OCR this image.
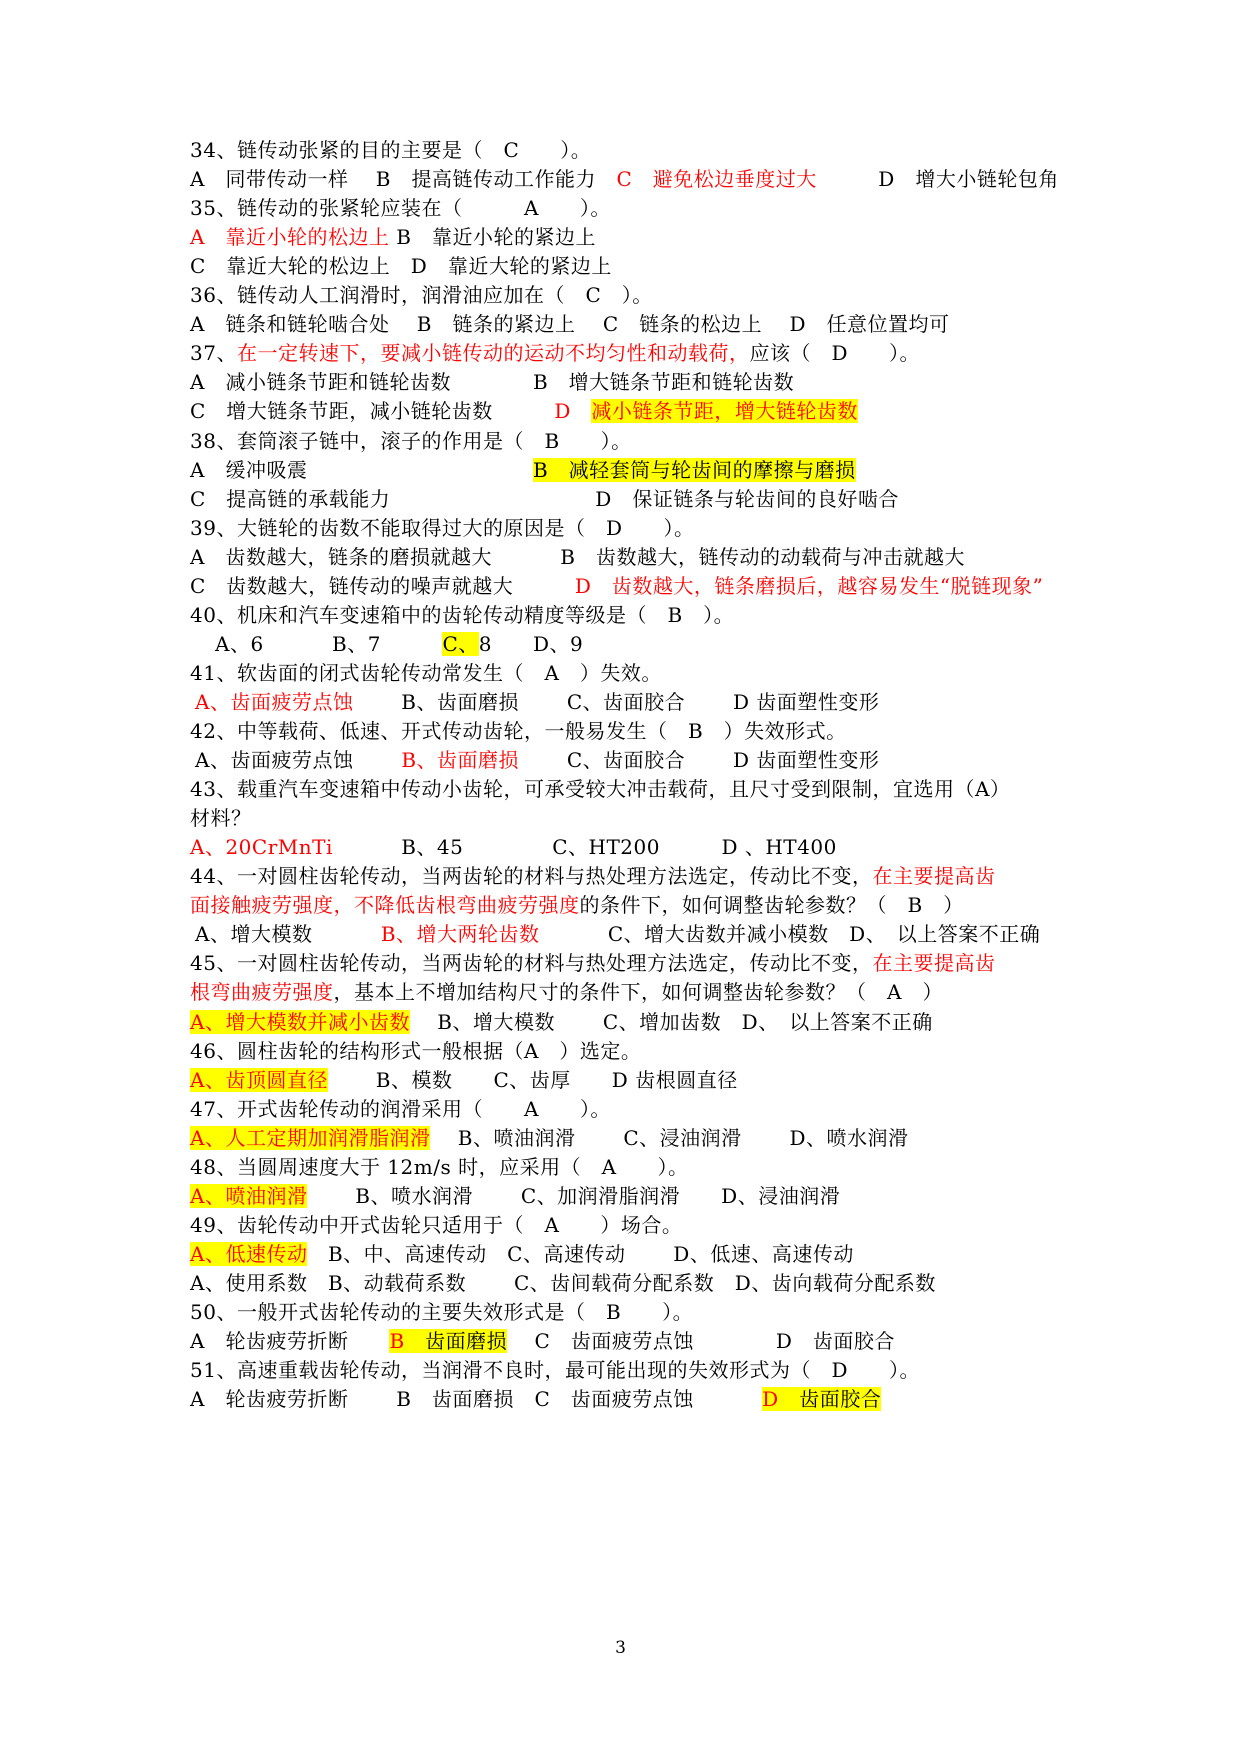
34、链传动张紧的目的主要是（　C　　）。
A　同带传动一样　 B　提高链传动工作能力　C　避免松边垂度过大　　　D　增大小链轮包角
35、链传动的张紧轮应装在（　　　A　　）。
A　靠近小轮的松边上 B　靠近小轮的紧边上
C　靠近大轮的松边上　D　靠近大轮的紧边上
36、链传动人工润滑时，润滑油应加在（　C　）。
A　链条和链轮啮合处　 B　链条的紧边上　 C　链条的松边上　 D　任意位置均可
37、在一定转速下，要减小链传动的运动不均匀性和动载荷，应该（　D　　）。
A　减小链条节距和链轮齿数　　　　B　增大链条节距和链轮齿数
C　增大链条节距，减小链轮齿数　　　D　 减小链条节距，增大链轮齿数
38、套筒滚子链中，滚子的作用是（　B　　）。
A　缓冲吸震　　　　　　　　　　　B　减轻套筒与轮齿间的摩擦与磨损
C　提高链的承载能力　　　　　　　　　　D　保证链条与轮齿间的良好啮合
39、大链轮的齿数不能取得过大的原因是（　D　　）。
A　齿数越大，链条的磨损就越大　　　 B　齿数越大，链传动的动载荷与冲击就越大
C　齿数越大，链传动的噪声就越大　　　D　齿数越大，链条磨损后，越容易发生“脱链现象”
40、机床和汽车变速箱中的齿轮传动精度等级是（　B　）。
A、6　　　 B、7　　　C、8　　D、9
41、软齿面的闭式齿轮传动常发生（　A　）失效。
A、齿面疲劳点蚀　　 B、齿面磨损　　 C、齿面胶合　　 D 齿面塑性变形
42、中等载荷、低速、开式传动齿轮，一般易发生（　B　）失效形式。
A、齿面疲劳点蚀　　 B、齿面磨损　　 C、齿面胶合　　 D 齿面塑性变形
43、载重汽车变速箱中传动小齿轮，可承受较大冲击载荷，且尺寸受到限制，宜选用（A）
材料？
A、20CrMnTi　　　 B、45　　　　 C、HT200　　　D 、HT400
44、一对圆柱齿轮传动，当两齿轮的材料与热处理方法选定，传动比不变，在主要提高齿
面接触疲劳强度，不降低齿根弯曲疲劳强度的条件下，如何调整齿轮参数？（　B　）
A、增大模数　　　 B、增大两轮齿数　　　 C、增大齿数并减小模数　D、　以上答案不正确
45、一对圆柱齿轮传动，当两齿轮的材料与热处理方法选定，传动比不变，在主要提高齿
根弯曲疲劳强度，基本上不增加结构尺寸的条件下，如何调整齿轮参数？（　A　）
A、增大模数并减小齿数　 B、增大模数　　 C、增加齿数　D、　以上答案不正确
46、圆柱齿轮的结构形式一般根据（A　）选定。
A、齿顶圆直径　　 B、模数　　C、齿厚　　D 齿根圆直径
47、开式齿轮传动的润滑采用（　　A　　）。
A、人工定期加润滑脂润滑　 B、喷油润滑　　 C、浸油润滑　　 D、喷水润滑
48、当圆周速度大于 12m/s 时，应采用（　A　　）。
A、喷油润滑　　 B、喷水润滑　　 C、加润滑脂润滑　　D、浸油润滑
49、齿轮传动中开式齿轮只适用于（　A　　）场合。
A、低速传动　B、中、高速传动　C、高速传动　　 D、低速、高速传动
A、使用系数　B、动载荷系数　　 C、齿间载荷分配系数　D、齿向载荷分配系数
50、一般开式齿轮传动的主要失效形式是（　B　　）。
A　轮齿疲劳折断　　B　齿面磨损　 C　齿面疲劳点蚀　　　　D　齿面胶合
51、高速重载齿轮传动，当润滑不良时，最可能出现的失效形式为（　D　　）。
A　轮齿疲劳折断　　 B　齿面磨损　C　齿面疲劳点蚀　　　 D　齿面胶合
3
